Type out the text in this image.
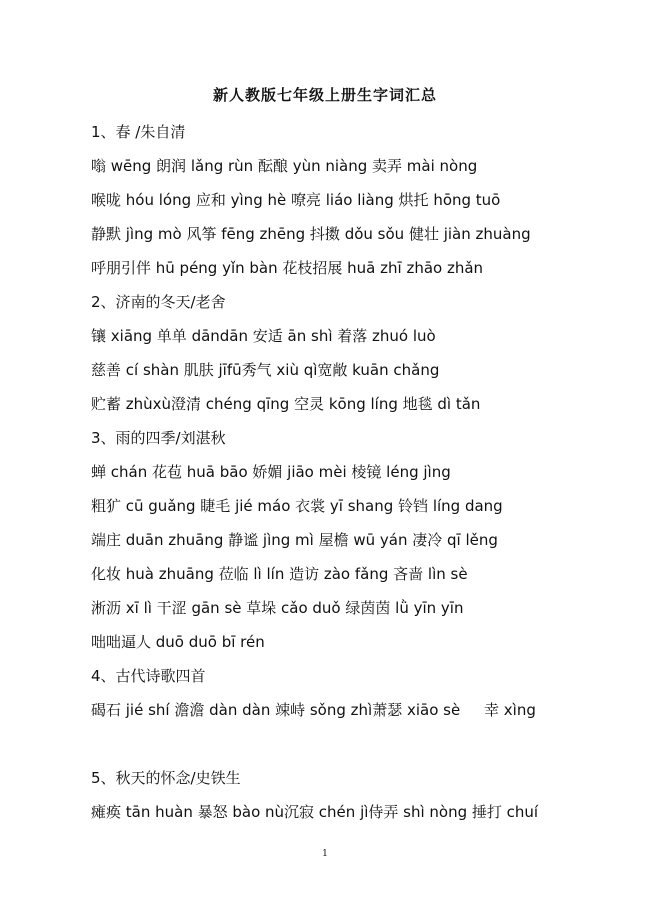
新人教版七年级上册生字词汇总
1、春 /朱自清
嗡 wēng 朗润 lǎng rùn 酝酿 yùn niàng 卖弄 mài nòng
喉咙 hóu lóng 应和 yìng hè 嘹亮 liáo liàng 烘托 hōng tuō
静默 jìng mò 风筝 fēng zhēng 抖擞 dǒu sǒu 健壮 jiàn zhuàng
呼朋引伴 hū péng yǐn bàn 花枝招展 huā zhī zhāo zhǎn
2、济南的冬天/老舍
镶 xiāng 单单 dāndān 安适 ān shì 着落 zhuó luò
慈善 cí shàn 肌肤 jīfū秀气 xiù qì宽敞 kuān chǎng
贮蓄 zhùxù澄清 chéng qīng 空灵 kōng líng 地毯 dì tǎn
3、雨的四季/刘湛秋
蝉 chán 花苞 huā bāo 娇媚 jiāo mèi 棱镜 léng jìng
粗犷 cū guǎng 睫毛 jié máo 衣裳 yī shang 铃铛 líng dang
端庄 duān zhuāng 静谧 jìng mì 屋檐 wū yán 凄冷 qī lěng
化妆 huà zhuāng 莅临 lì lín 造访 zào fǎng 吝啬 lìn sè
淅沥 xī lì 干涩 gān sè 草垛 cǎo duǒ 绿茵茵 lǜ yīn yīn
咄咄逼人 duō duō bī rén
4、古代诗歌四首
碣石 jié shí 澹澹 dàn dàn 竦峙 sǒng zhì萧瑟 xiāo sè     幸 xìng
5、秋天的怀念/史铁生
瘫痪 tān huàn 暴怒 bào nù沉寂 chén jì侍弄 shì nòng 捶打 chuí
1
